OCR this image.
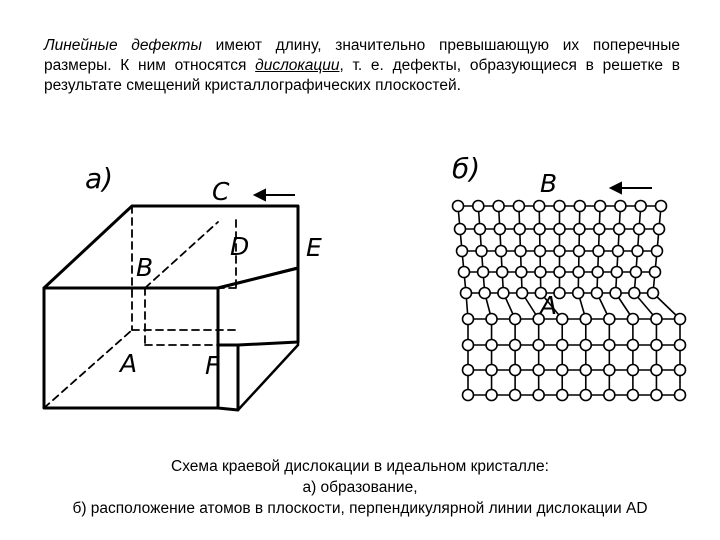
Линейные дефекты имеют длину, значительно превышающую их поперечные размеры. К ним относятся дислокации, т. е. дефекты, образующиеся в решетке в результате смещений кристаллографических плоскостей.

а)	C
D E
B
A	F
б) B
A
Схема краевой дислокации в идеальном кристалле:
а) образование,
б) расположение атомов в плоскости, перпендикулярной линии дислокации AD
